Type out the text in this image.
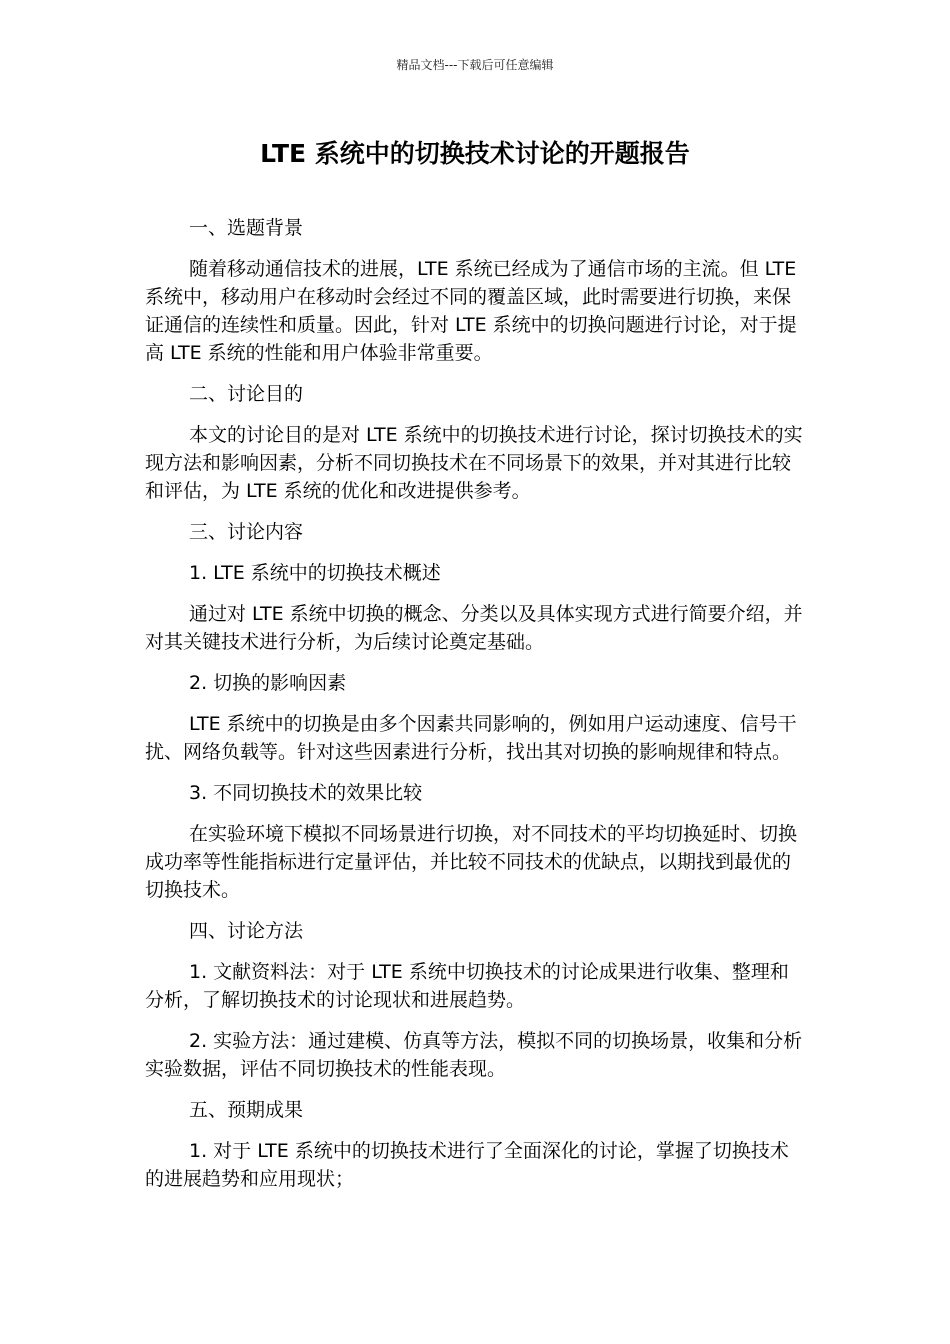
精品文档---下载后可任意编辑
LTE 系统中的切换技术讨论的开题报告

一、选题背景

随着移动通信技术的进展，LTE 系统已经成为了通信市场的主流。但 LTE 系统中，移动用户在移动时会经过不同的覆盖区域，此时需要进行切换，来保证通信的连续性和质量。因此，针对 LTE 系统中的切换问题进行讨论，对于提高 LTE 系统的性能和用户体验非常重要。

二、讨论目的

本文的讨论目的是对 LTE 系统中的切换技术进行讨论，探讨切换技术的实现方法和影响因素，分析不同切换技术在不同场景下的效果，并对其进行比较和评估，为 LTE 系统的优化和改进提供参考。

三、讨论内容

1. LTE 系统中的切换技术概述

通过对 LTE 系统中切换的概念、分类以及具体实现方式进行简要介绍，并对其关键技术进行分析，为后续讨论奠定基础。

2. 切换的影响因素

LTE 系统中的切换是由多个因素共同影响的，例如用户运动速度、信号干扰、网络负载等。针对这些因素进行分析，找出其对切换的影响规律和特点。

3. 不同切换技术的效果比较

在实验环境下模拟不同场景进行切换，对不同技术的平均切换延时、切换成功率等性能指标进行定量评估，并比较不同技术的优缺点，以期找到最优的切换技术。

四、讨论方法

1. 文献资料法：对于 LTE 系统中切换技术的讨论成果进行收集、整理和分析，了解切换技术的讨论现状和进展趋势。

2. 实验方法：通过建模、仿真等方法，模拟不同的切换场景，收集和分析实验数据，评估不同切换技术的性能表现。

五、预期成果

1. 对于 LTE 系统中的切换技术进行了全面深化的讨论，掌握了切换技术的进展趋势和应用现状；
